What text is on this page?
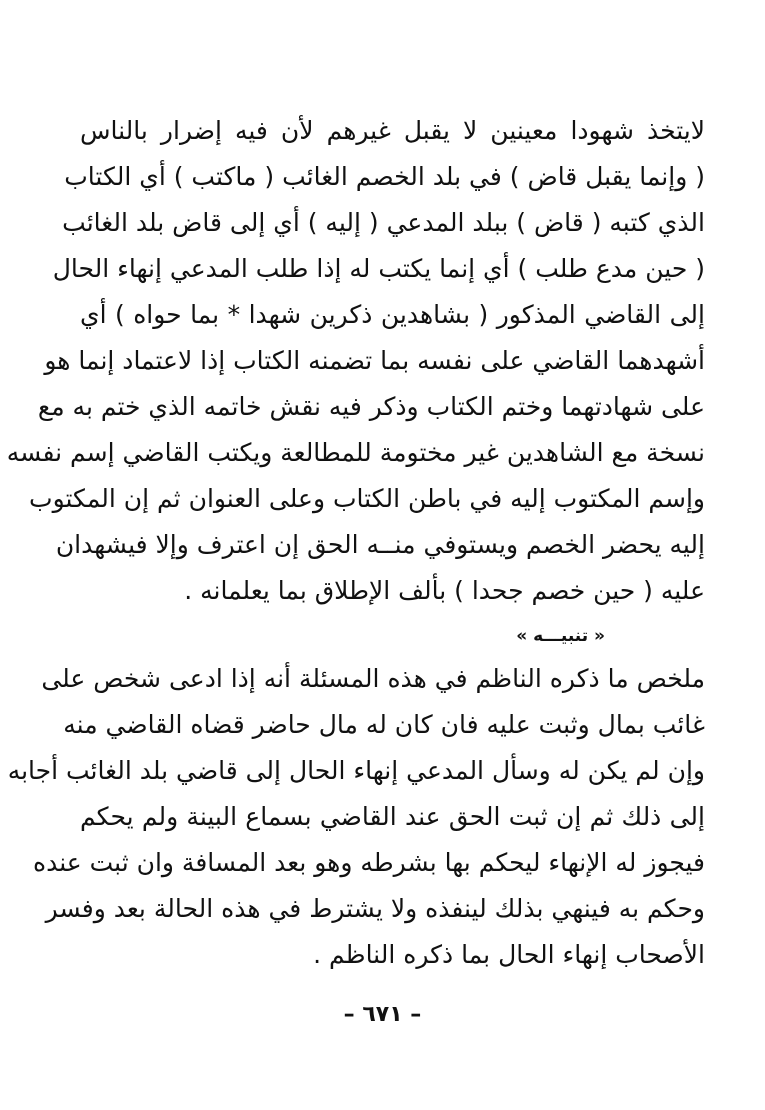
لايتخذ شهودا معينين لا يقبل غيرهم لأن فيه إضرار بالناس
( وإنما يقبل قاض ) في بلد الخصم الغائب ( ماكتب ) أي الكتاب
الذي كتبه ( قاض ) ببلد المدعي ( إليه ) أي إلى قاض بلد الغائب
( حين مدع طلب ) أي إنما يكتب له إذا طلب المدعي إنهاء الحال
إلى القاضي المذكور ( بشاهدين ذكرين شهدا * بما حواه ) أي
أشهدهما القاضي على نفسه بما تضمنه الكتاب إذا لاعتماد إنما هو
على شهادتهما وختم الكتاب وذكر فيه نقش خاتمه الذي ختم به مع
نسخة مع الشاهدين غير مختومة للمطالعة ويكتب القاضي إسم نفسه
وإسم المكتوب إليه في باطن الكتاب وعلى العنوان ثم إن المكتوب
إليه يحضر الخصم ويستوفي منــه الحق إن اعترف وإلا فيشهدان
عليه ( حين خصم جحدا ) بألف الإطلاق بما يعلمانه .
« تنبيـــه »
ملخص ما ذكره الناظم في هذه المسئلة أنه إذا ادعى شخص على
غائب بمال وثبت عليه فان كان له مال حاضر قضاه القاضي منه
وإن لم يكن له وسأل المدعي إنهاء الحال إلى قاضي بلد الغائب أجابه
إلى ذلك ثم إن ثبت الحق عند القاضي بسماع البينة ولم يحكم
فيجوز له الإنهاء ليحكم بها بشرطه وهو بعد المسافة وان ثبت عنده
وحكم به فينهي بذلك لينفذه ولا يشترط في هذه الحالة بعد وفسر
الأصحاب إنهاء الحال بما ذكره الناظم .
– ٦٧١ –
